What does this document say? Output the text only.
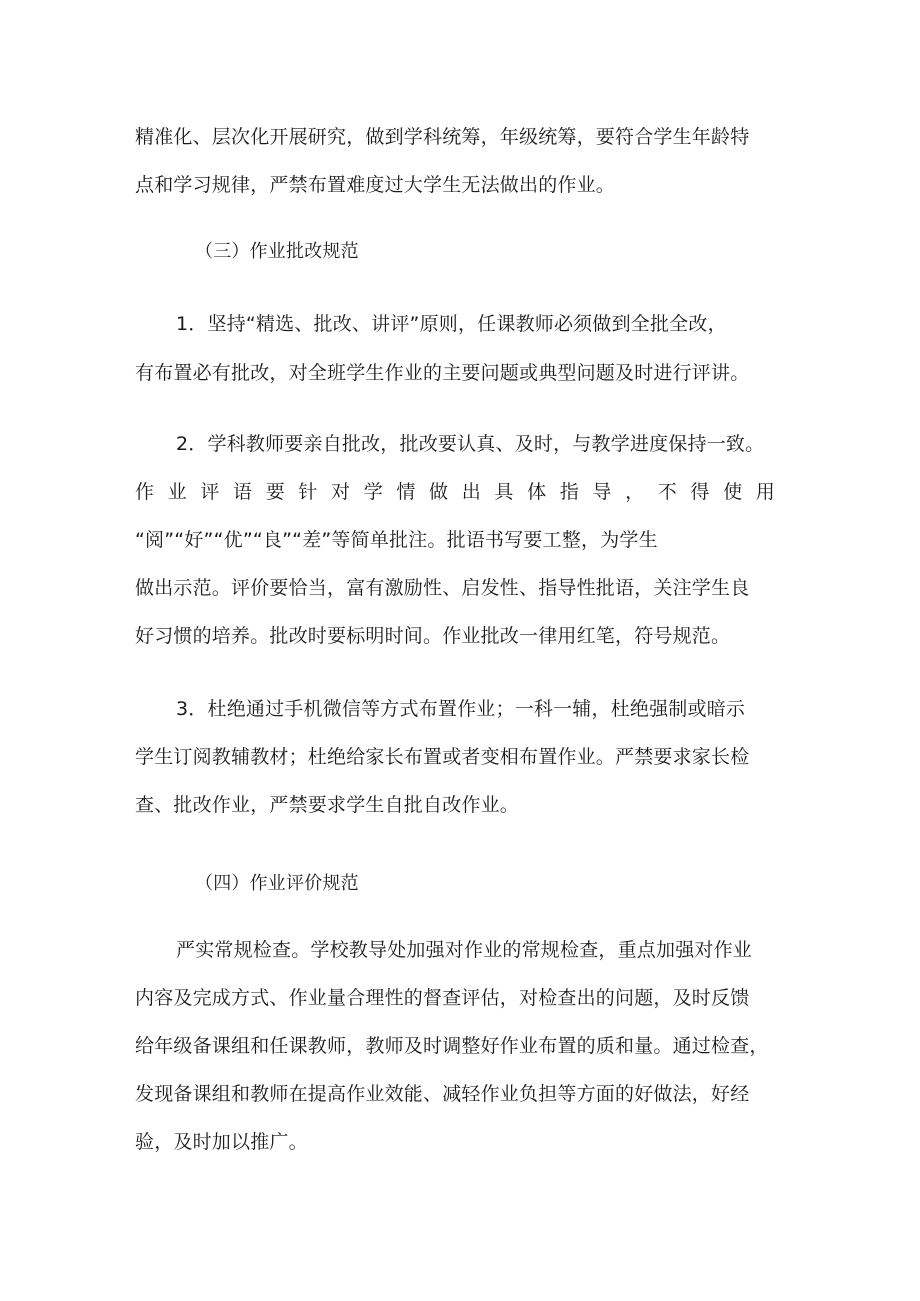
精准化、层次化开展研究，做到学科统筹，年级统筹，要符合学生年龄特

点和学习规律，严禁布置难度过大学生无法做出的作业。

（三）作业批改规范

1．坚持“精选、批改、讲评”原则，任课教师必须做到全批全改，

有布置必有批改，对全班学生作业的主要问题或典型问题及时进行评讲。

2．学科教师要亲自批改，批改要认真、及时，与教学进度保持一致。

作 业 评 语 要 针 对 学 情 做 出 具 体 指 导 ， 不 得 使 用

“阅”“好”“优”“良”“差”等简单批注。批语书写要工整，为学生

做出示范。评价要恰当，富有激励性、启发性、指导性批语，关注学生良

好习惯的培养。批改时要标明时间。作业批改一律用红笔，符号规范。

3．杜绝通过手机微信等方式布置作业；一科一辅，杜绝强制或暗示

学生订阅教辅教材；杜绝给家长布置或者变相布置作业。严禁要求家长检

查、批改作业，严禁要求学生自批自改作业。

（四）作业评价规范

严实常规检查。学校教导处加强对作业的常规检查，重点加强对作业

内容及完成方式、作业量合理性的督查评估，对检查出的问题，及时反馈

给年级备课组和任课教师，教师及时调整好作业布置的质和量。通过检查，

发现备课组和教师在提高作业效能、减轻作业负担等方面的好做法，好经

验，及时加以推广。
